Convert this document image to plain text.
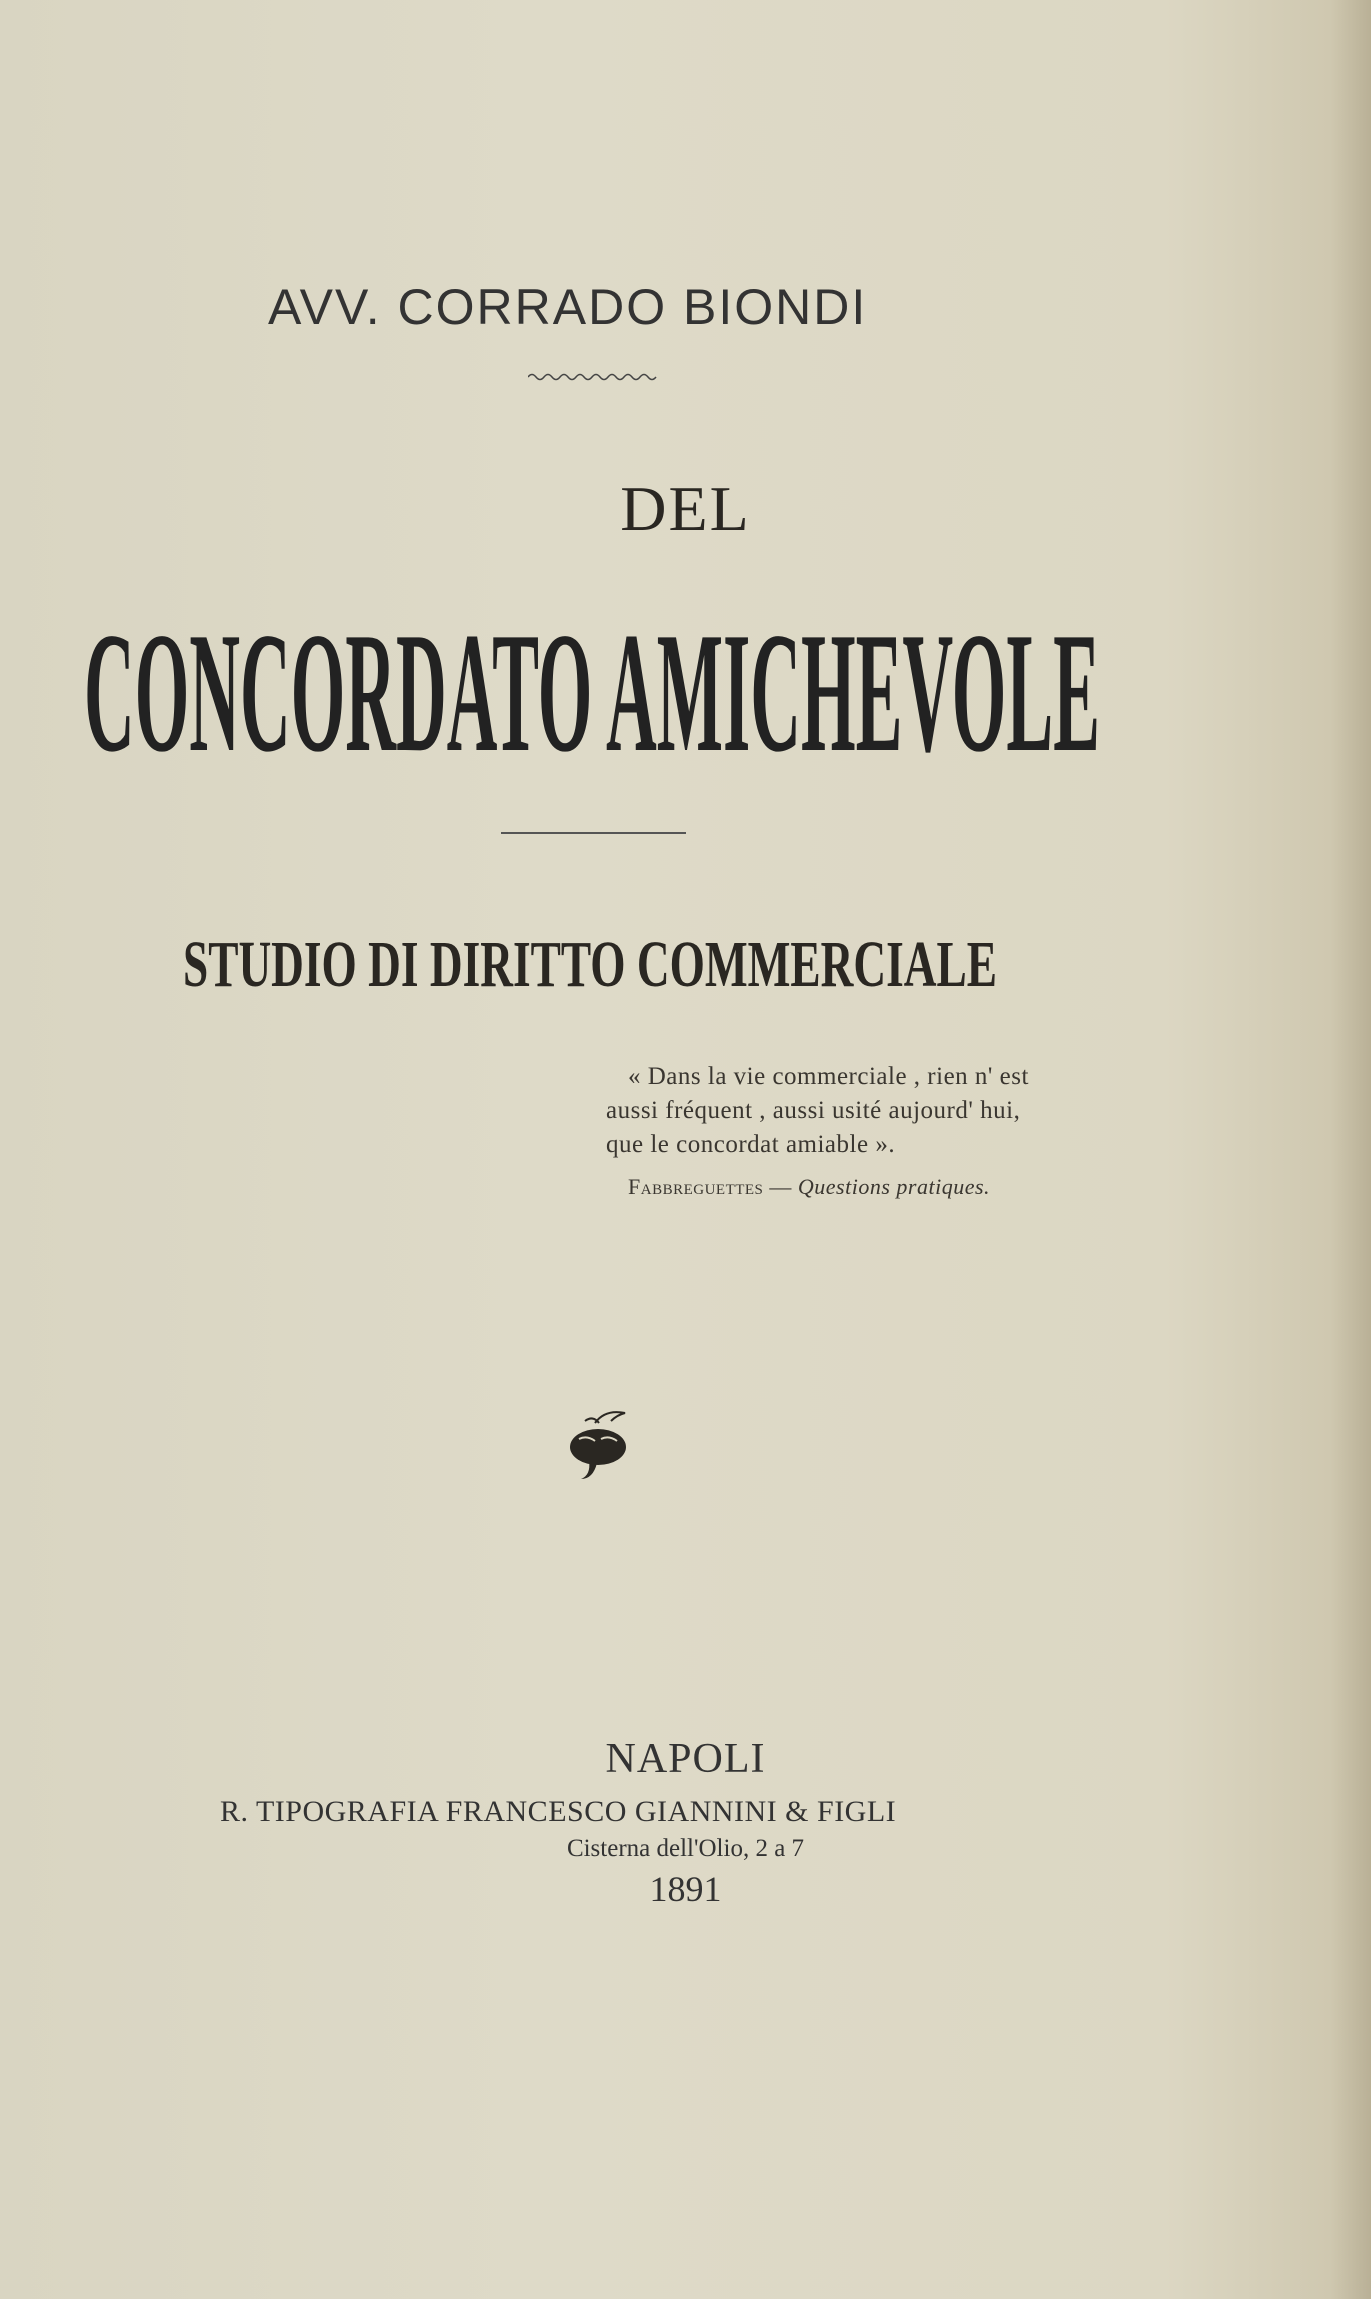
AVV. CORRADO BIONDI
DEL
CONCORDATO AMICHEVOLE
STUDIO DI DIRITTO COMMERCIALE
« Dans la vie commerciale , rien n' est
aussi fréquent , aussi usité aujourd' hui,
que le concordat amiable ».
Fabbreguettes — Questions pratiques.
NAPOLI
R. TIPOGRAFIA FRANCESCO GIANNINI & FIGLI
Cisterna dell'Olio, 2 a 7
1891
